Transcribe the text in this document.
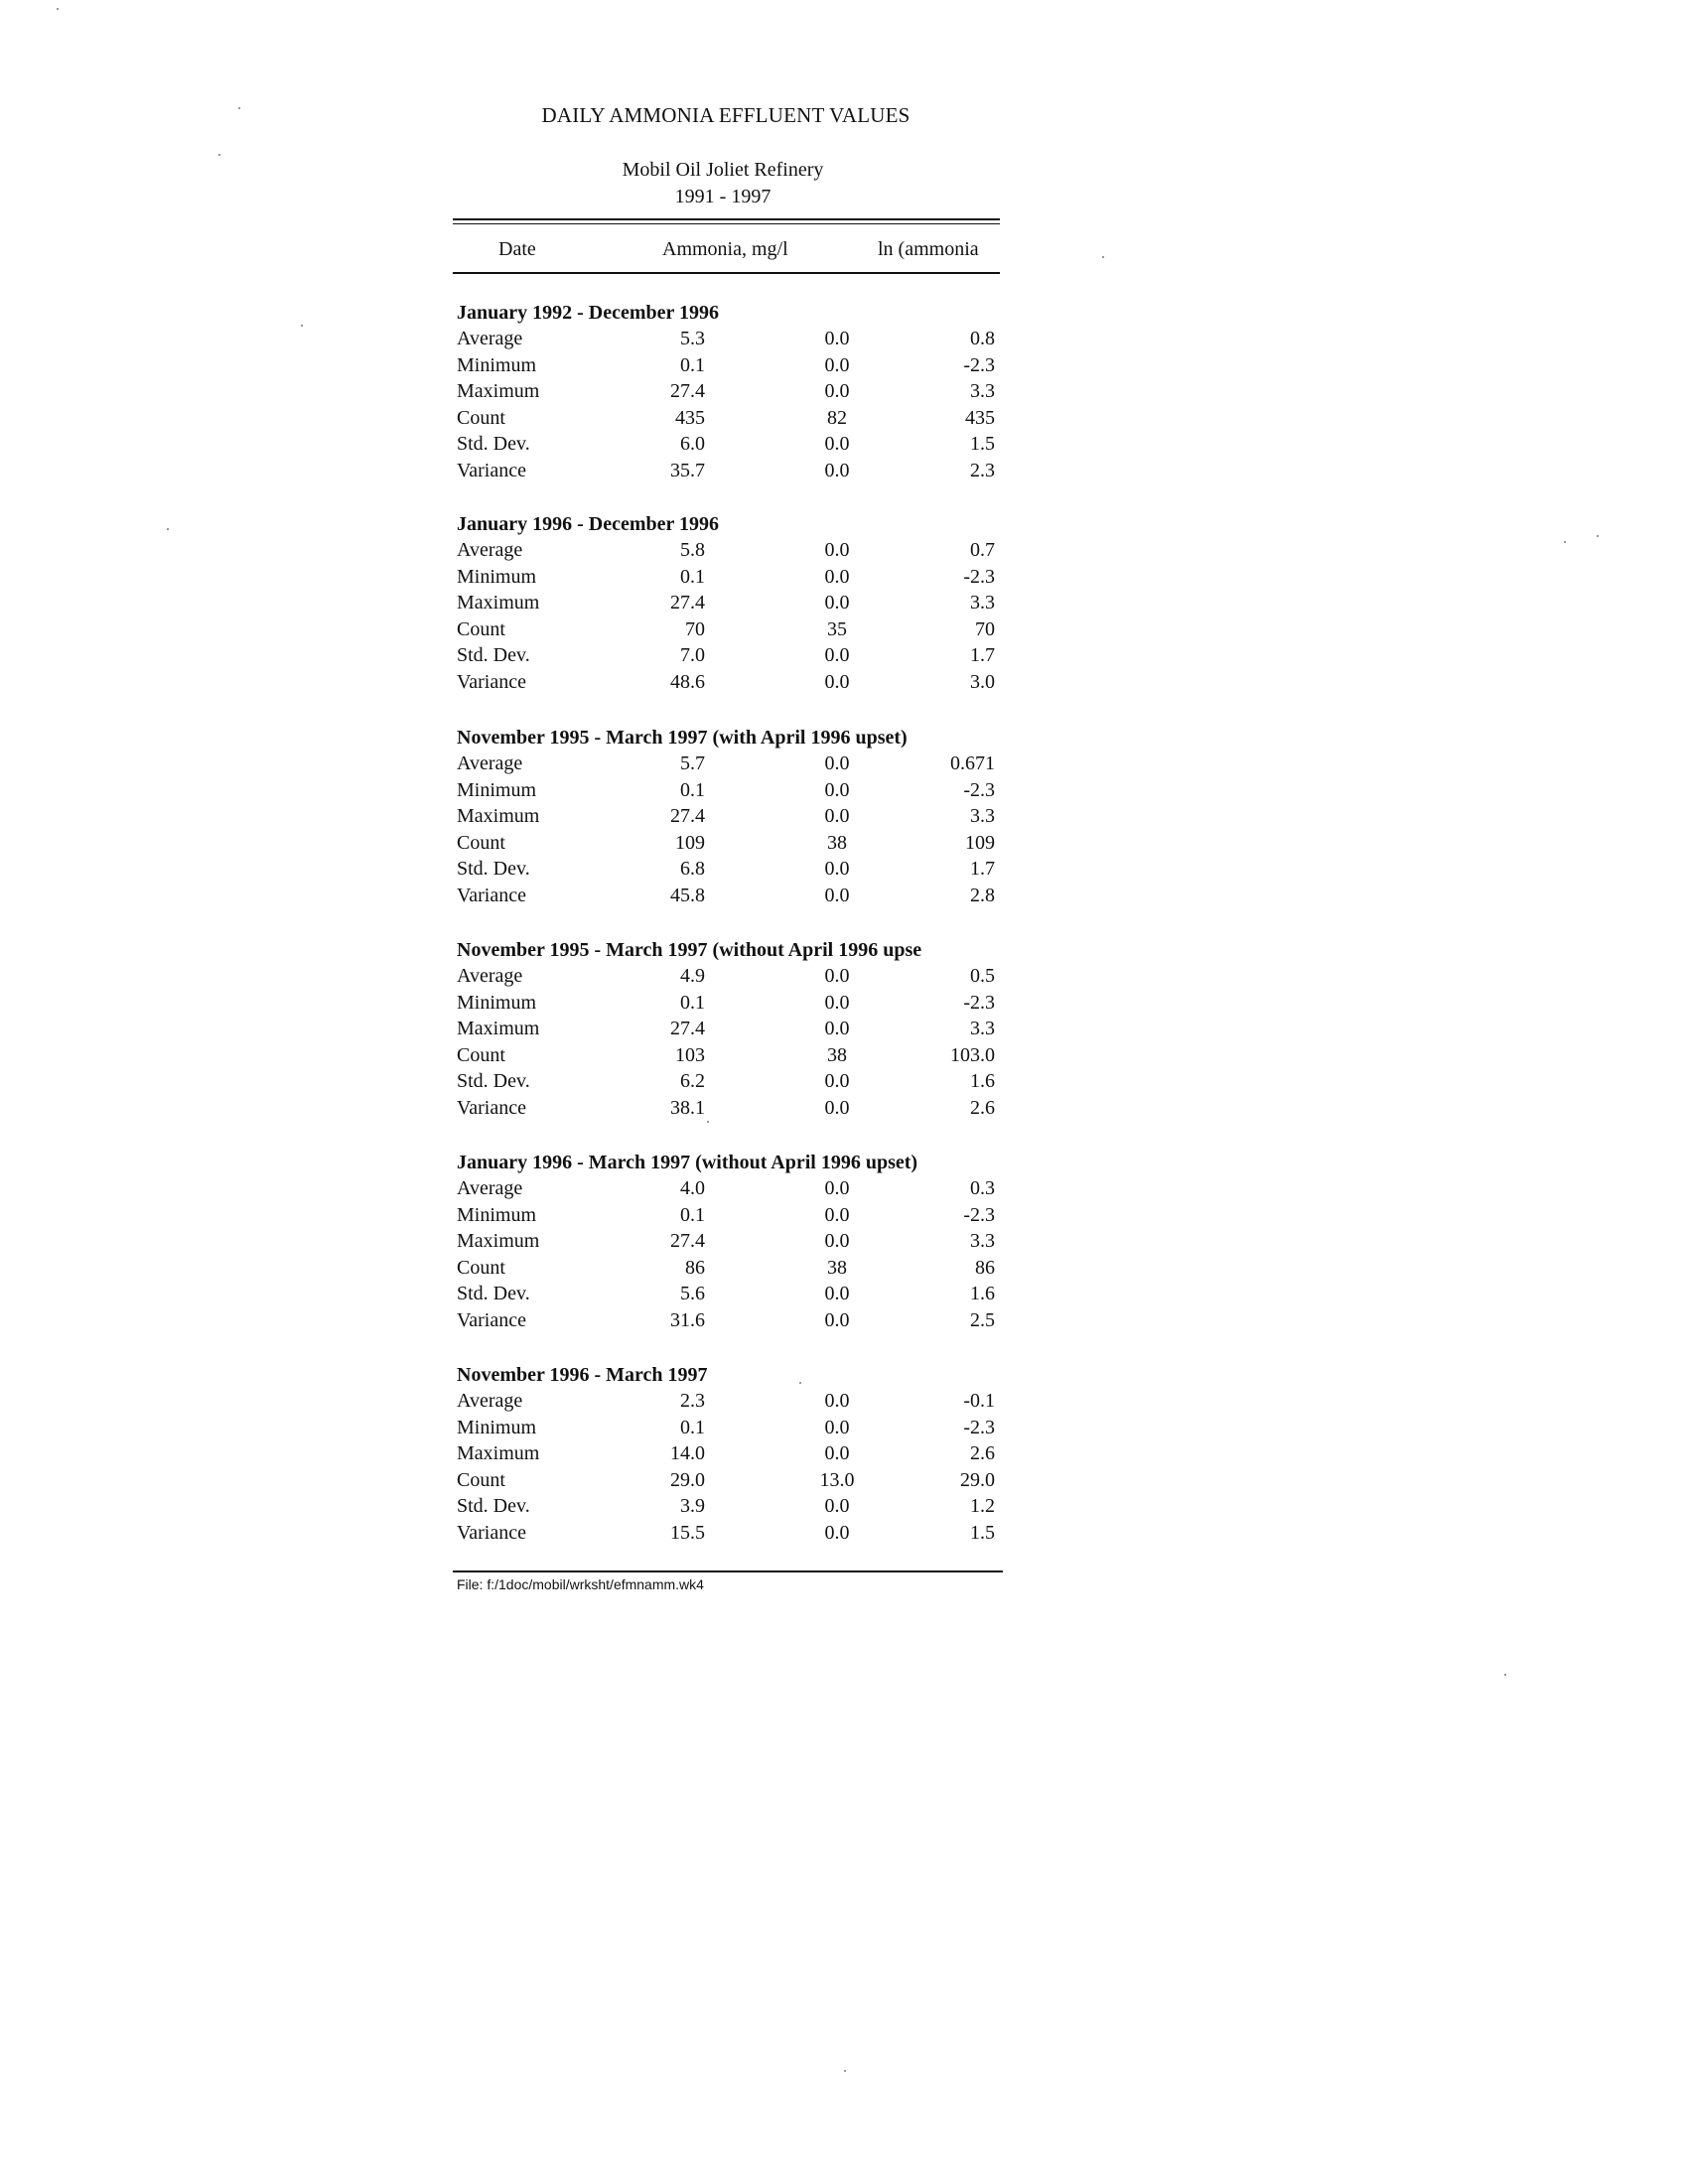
DAILY AMMONIA EFFLUENT VALUES
Mobil Oil Joliet Refinery
1991 - 1997
Date	Ammonia, mg/l	ln (ammonia
January 1992 - December 1996
Average	5.3	0.0	0.8
Minimum	0.1	0.0	-2.3
Maximum	27.4	0.0	3.3
Count	435	82	435
Std. Dev.	6.0	0.0	1.5
Variance	35.7	0.0	2.3
January 1996 - December 1996
Average	5.8	0.0	0.7
Minimum	0.1	0.0	-2.3
Maximum	27.4	0.0	3.3
Count	70	35	70
Std. Dev.	7.0	0.0	1.7
Variance	48.6	0.0	3.0
November 1995 - March 1997 (with April 1996 upset)
Average	5.7	0.0	0.671
Minimum	0.1	0.0	-2.3
Maximum	27.4	0.0	3.3
Count	109	38	109
Std. Dev.	6.8	0.0	1.7
Variance	45.8	0.0	2.8
November 1995 - March 1997 (without April 1996 upse
Average	4.9	0.0	0.5
Minimum	0.1	0.0	-2.3
Maximum	27.4	0.0	3.3
Count	103	38	103.0
Std. Dev.	6.2	0.0	1.6
Variance	38.1	0.0	2.6
January 1996 - March 1997 (without April 1996 upset)
Average	4.0	0.0	0.3
Minimum	0.1	0.0	-2.3
Maximum	27.4	0.0	3.3
Count	86	38	86
Std. Dev.	5.6	0.0	1.6
Variance	31.6	0.0	2.5
November 1996 - March 1997
Average	2.3	0.0	-0.1
Minimum	0.1	0.0	-2.3
Maximum	14.0	0.0	2.6
Count	29.0	13.0	29.0
Std. Dev.	3.9	0.0	1.2
Variance	15.5	0.0	1.5
File: f:/1doc/mobil/wrksht/efmnamm.wk4
